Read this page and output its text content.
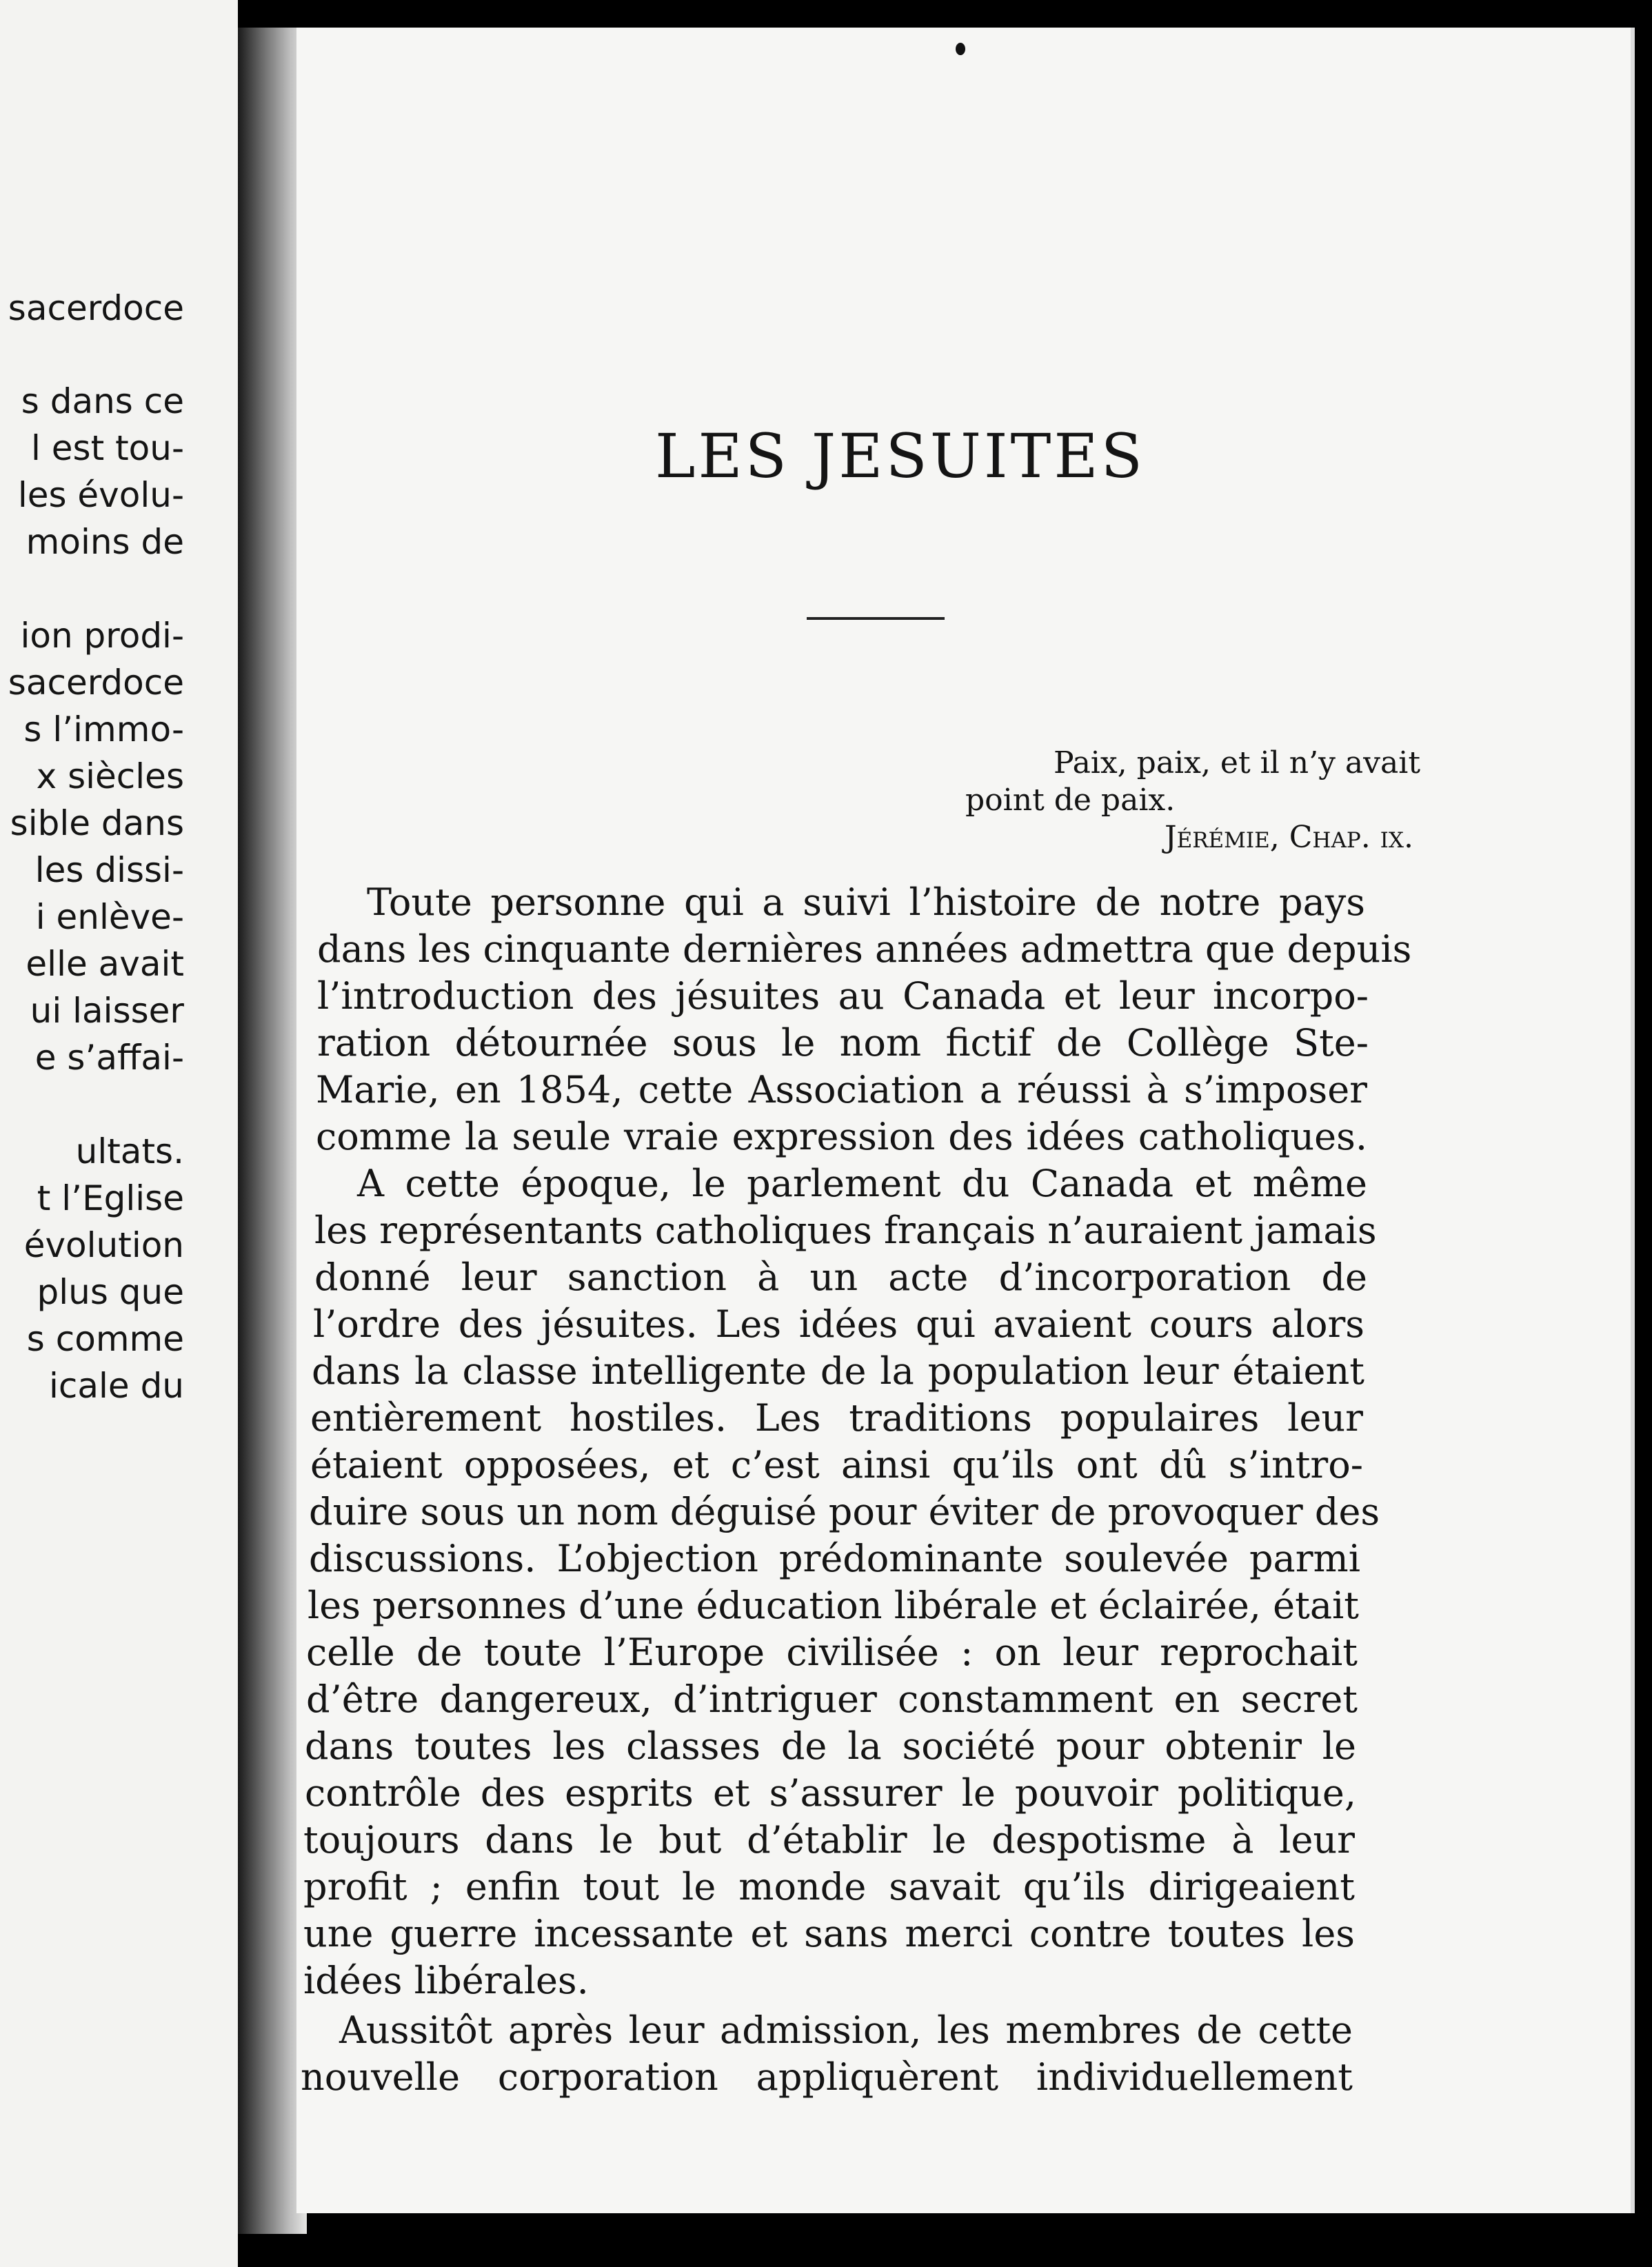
sacerdoce
s dans ce
l est tou-
les évolu-
moins de
ion prodi-
sacerdoce
s l’immo-
x siècles
sible dans
les dissi-
i enlève-
elle avait
ui laisser
e s’affai-
ultats.
t l’Eglise
évolution
plus que
s comme
icale du
LES JESUITES
Paix, paix, et il n’y avait
point de paix.
Jérémie, Chap. ix.
Toute personne qui a suivi l’histoire de notre pays
dans les cinquante dernières années admettra que depuis
l’introduction des jésuites au Canada et leur incorpo-
ration détournée sous le nom fictif de Collège Ste-
Marie, en 1854, cette Association a réussi à s’imposer
comme la seule vraie expression des idées catholiques.
A cette époque, le parlement du Canada et même
les représentants catholiques français n’auraient jamais
donné leur sanction à un acte d’incorporation de
l’ordre des jésuites. Les idées qui avaient cours alors
dans la classe intelligente de la population leur étaient
entièrement hostiles. Les traditions populaires leur
étaient opposées, et c’est ainsi qu’ils ont dû s’intro-
duire sous un nom déguisé pour éviter de provoquer des
discussions. L’objection prédominante soulevée parmi
les personnes d’une éducation libérale et éclairée, était
celle de toute l’Europe civilisée : on leur reprochait
d’être dangereux, d’intriguer constamment en secret
dans toutes les classes de la société pour obtenir le
contrôle des esprits et s’assurer le pouvoir politique,
toujours dans le but d’établir le despotisme à leur
profit ; enfin tout le monde savait qu’ils dirigeaient
une guerre incessante et sans merci contre toutes les
idées libérales.
Aussitôt après leur admission, les membres de cette
nouvelle corporation appliquèrent individuellement
